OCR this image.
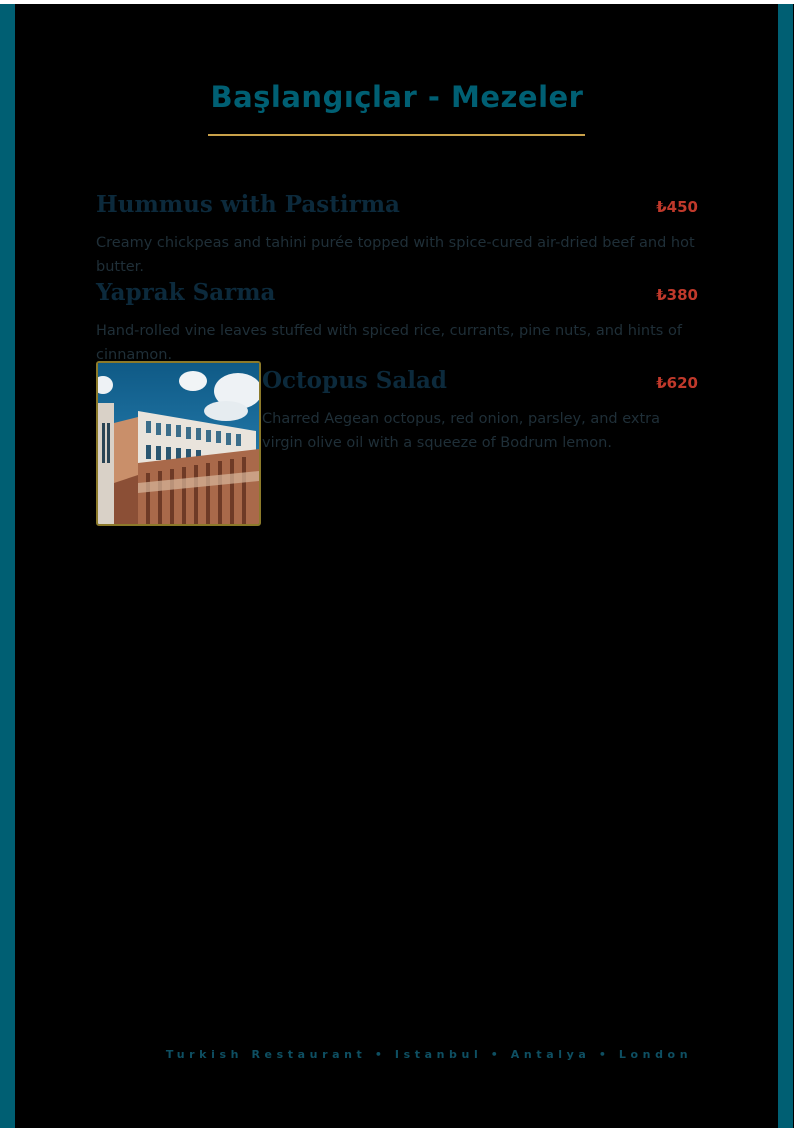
Başlangıçlar - Mezeler
Hummus with Pastirma	₺450
Creamy chickpeas and tahini purée topped with spice-cured air-dried beef and hot butter.
Yaprak Sarma	₺380
Hand-rolled vine leaves stuffed with spiced rice, currants, pine nuts, and hints of cinnamon.
Octopus Salad	₺620
Charred Aegean octopus, red onion, parsley, and extra virgin olive oil with a squeeze of Bodrum lemon.
Turkish Restaurant • Istanbul • Antalya • London
